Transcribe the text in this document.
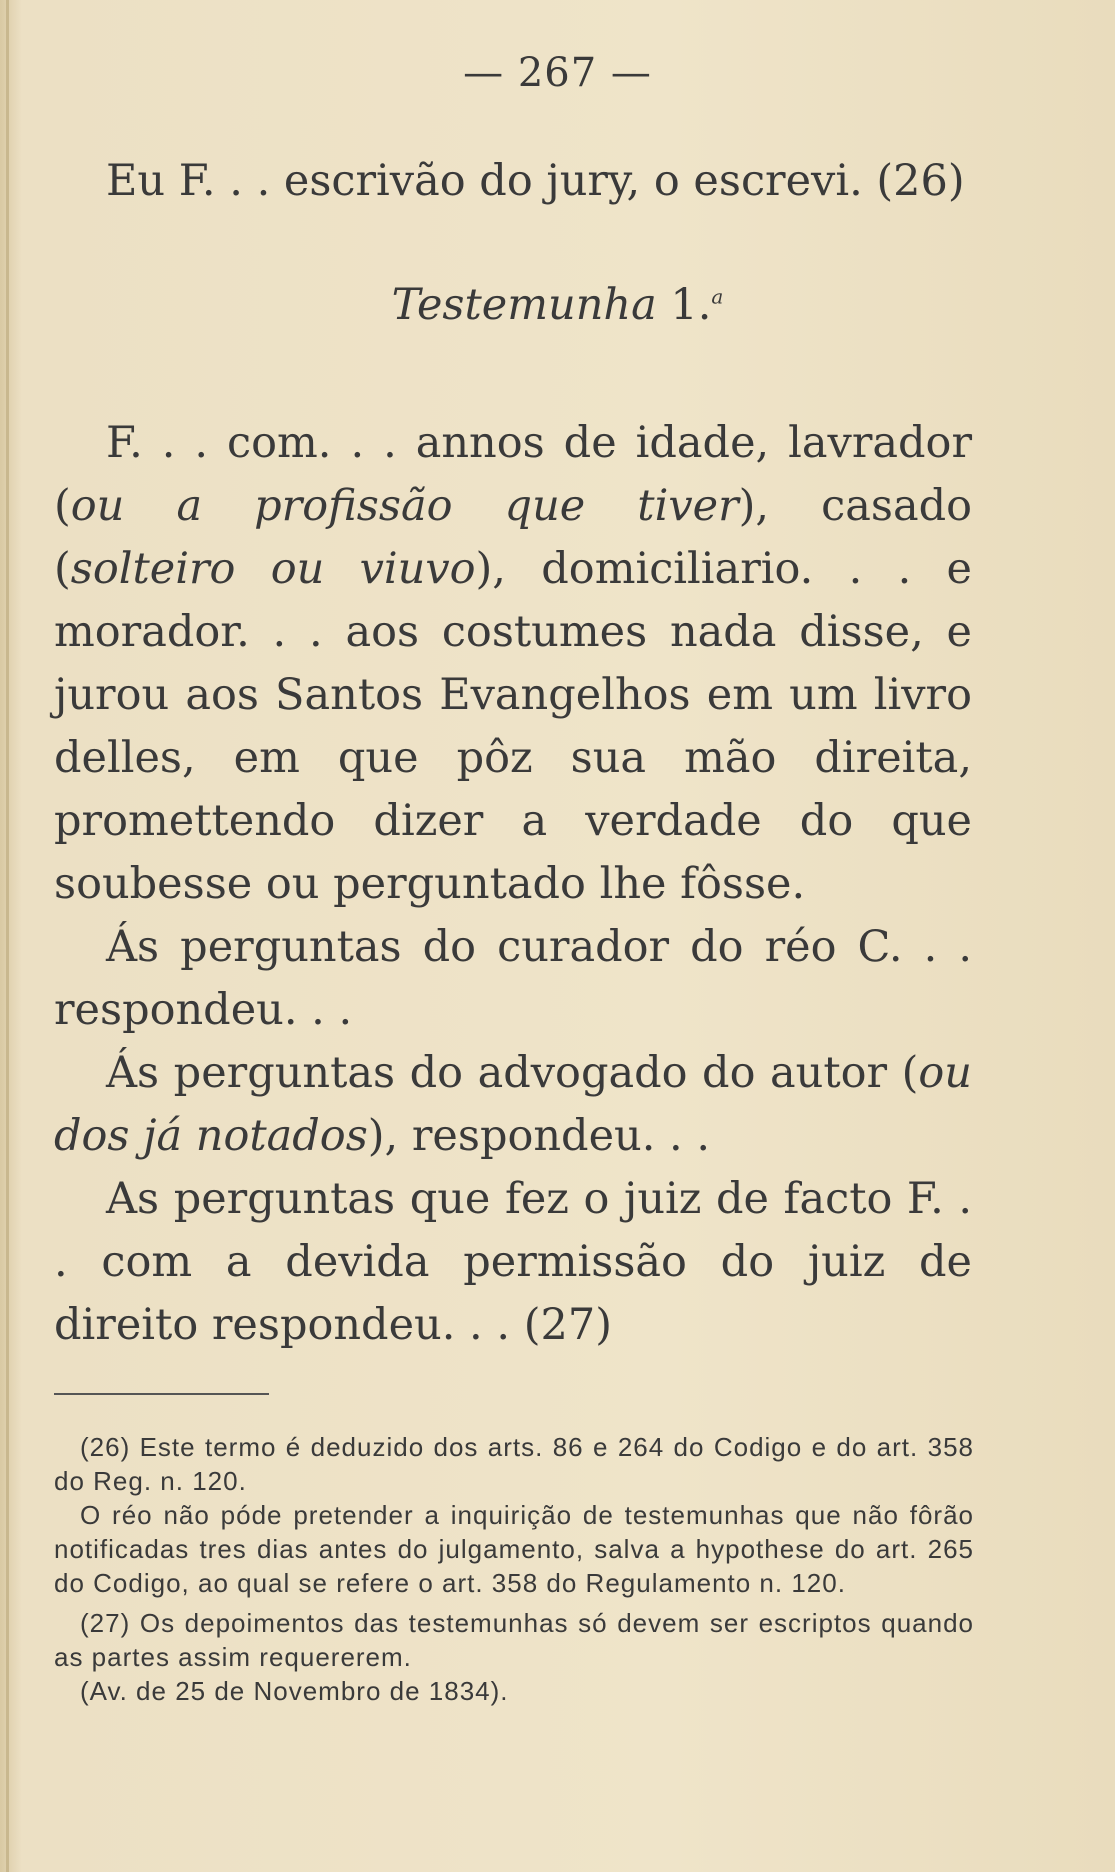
— 267 —
Eu F. . . escrivão do jury, o escrevi. (26)
Testemunha 1.$^a$

F. . . com. . . annos de idade, lavrador (ou a profissão que tiver), casado (solteiro ou viuvo), domiciliario. . . e morador. . . aos costumes nada disse, e jurou aos Santos Evangelhos em um livro delles, em que pôz sua mão direita, promettendo dizer a verdade do que soubesse ou perguntado lhe fôsse.

Ás perguntas do curador do réo C. . . respondeu. . .

Ás perguntas do advogado do autor (ou dos já notados), respondeu. . .

As perguntas que fez o juiz de facto F. . . com a devida permissão do juiz de direito respondeu. . . (27)

(26) Este termo é deduzido dos arts. 86 e 264 do Codigo e do art. 358 do Reg. n. 120.

O réo não póde pretender a inquirição de testemunhas que não fôrão notificadas tres dias antes do julgamento, salva a hypothese do art. 265 do Codigo, ao qual se refere o art. 358 do Regulamento n. 120.

(27) Os depoimentos das testemunhas só devem ser escriptos quando as partes assim requererem.

(Av. de 25 de Novembro de 1834).
